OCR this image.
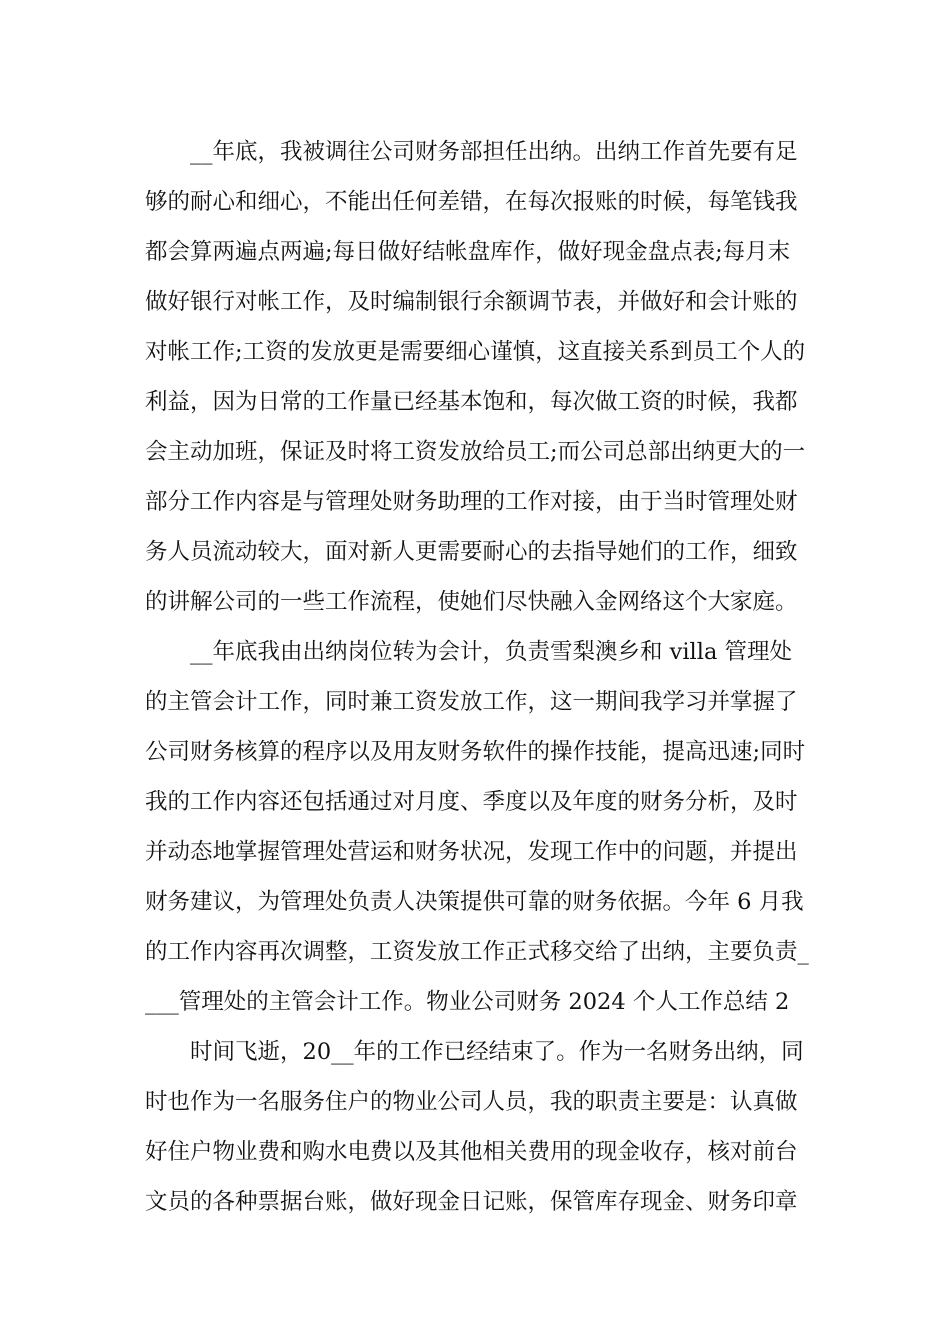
　　__年底，我被调往公司财务部担任出纳。出纳工作首先要有足
够的耐心和细心，不能出任何差错，在每次报账的时候，每笔钱我
都会算两遍点两遍;每日做好结帐盘库作，做好现金盘点表;每月末
做好银行对帐工作，及时编制银行余额调节表，并做好和会计账的
对帐工作;工资的发放更是需要细心谨慎，这直接关系到员工个人的
利益，因为日常的工作量已经基本饱和，每次做工资的时候，我都
会主动加班，保证及时将工资发放给员工;而公司总部出纳更大的一
部分工作内容是与管理处财务助理的工作对接，由于当时管理处财
务人员流动较大，面对新人更需要耐心的去指导她们的工作，细致
的讲解公司的一些工作流程，使她们尽快融入金网络这个大家庭。
　　__年底我由出纳岗位转为会计，负责雪梨澳乡和 villa 管理处
的主管会计工作，同时兼工资发放工作，这一期间我学习并掌握了
公司财务核算的程序以及用友财务软件的操作技能，提高迅速;同时
我的工作内容还包括通过对月度、季度以及年度的财务分析，及时
并动态地掌握管理处营运和财务状况，发现工作中的问题，并提出
财务建议，为管理处负责人决策提供可靠的财务依据。今年 6 月我
的工作内容再次调整，工资发放工作正式移交给了出纳，主要负责_
___管理处的主管会计工作。物业公司财务 2024 个人工作总结 2
　　时间飞逝，20__年的工作已经结束了。作为一名财务出纳，同
时也作为一名服务住户的物业公司人员，我的职责主要是：认真做
好住户物业费和购水电费以及其他相关费用的现金收存，核对前台
文员的各种票据台账，做好现金日记账，保管库存现金、财务印章
